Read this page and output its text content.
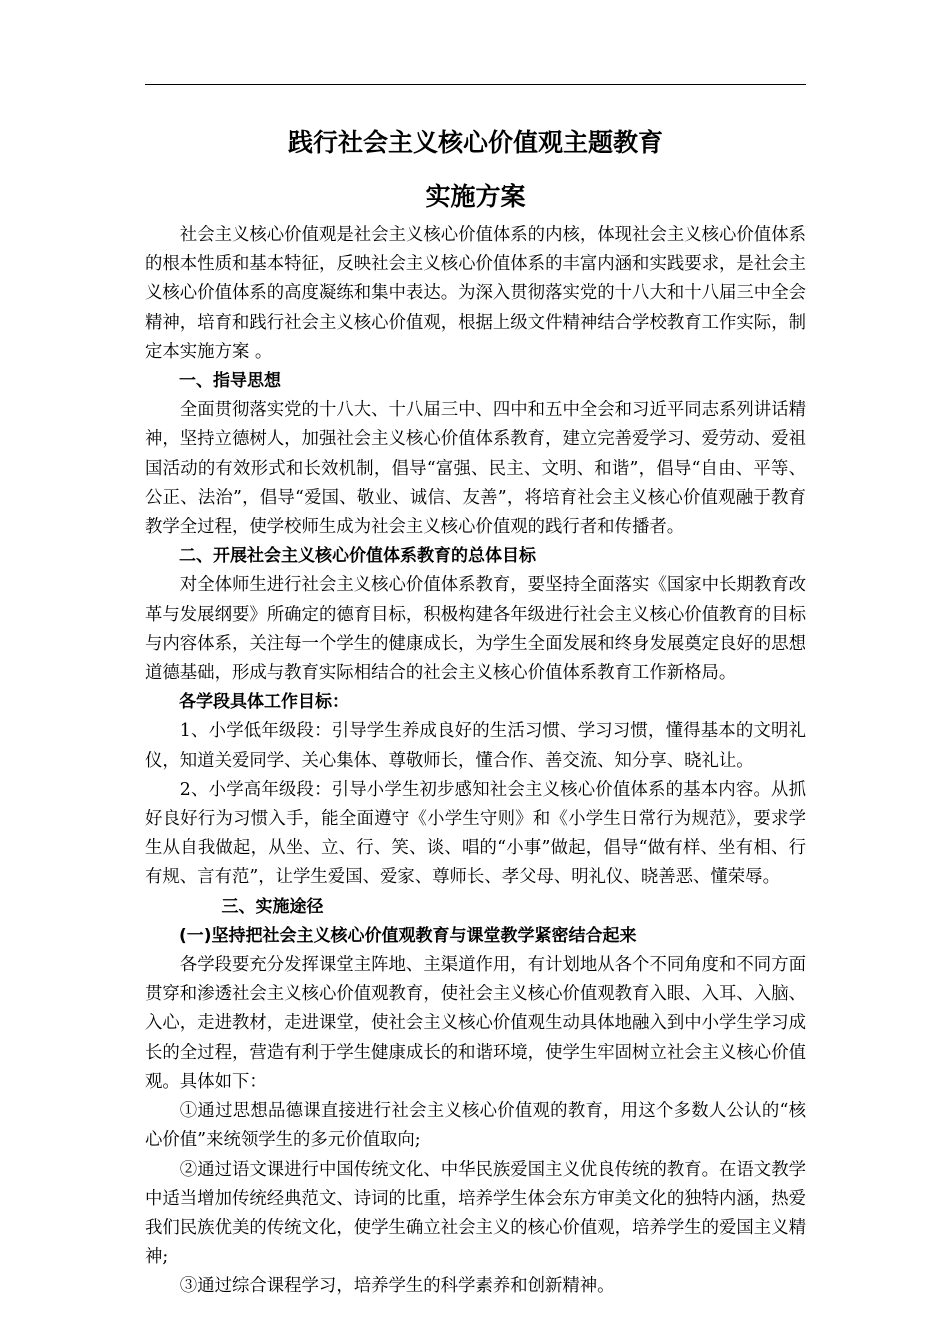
践行社会主义核心价值观主题教育
实施方案

社会主义核心价值观是社会主义核心价值体系的内核，体现社会主义核心价值体系的根本性质和基本特征，反映社会主义核心价值体系的丰富内涵和实践要求，是社会主义核心价值体系的高度凝练和集中表达。为深入贯彻落实党的十八大和十八届三中全会精神，培育和践行社会主义核心价值观，根据上级文件精神结合学校教育工作实际，制定本实施方案 。

一、指导思想

全面贯彻落实党的十八大、十八届三中、四中和五中全会和习近平同志系列讲话精神，坚持立德树人，加强社会主义核心价值体系教育，建立完善爱学习、爱劳动、爱祖国活动的有效形式和长效机制，倡导“富强、民主、文明、和谐”，倡导“自由、平等、公正、法治”，倡导“爱国、敬业、诚信、友善”，将培育社会主义核心价值观融于教育教学全过程，使学校师生成为社会主义核心价值观的践行者和传播者。

二、开展社会主义核心价值体系教育的总体目标

对全体师生进行社会主义核心价值体系教育，要坚持全面落实《国家中长期教育改革与发展纲要》所确定的德育目标，积极构建各年级进行社会主义核心价值教育的目标与内容体系，关注每一个学生的健康成长，为学生全面发展和终身发展奠定良好的思想道德基础，形成与教育实际相结合的社会主义核心价值体系教育工作新格局。

各学段具体工作目标：

1、小学低年级段：引导学生养成良好的生活习惯、学习习惯，懂得基本的文明礼仪，知道关爱同学、关心集体、尊敬师长，懂合作、善交流、知分享、晓礼让。

2、小学高年级段：引导小学生初步感知社会主义核心价值体系的基本内容。从抓好良好行为习惯入手，能全面遵守《小学生守则》和《小学生日常行为规范》，要求学生从自我做起，从坐、立、行、笑、谈、唱的“小事”做起，倡导“做有样、坐有相、行有规、言有范”，让学生爱国、爱家、尊师长、孝父母、明礼仪、晓善恶、懂荣辱。

三、实施途径

(一)坚持把社会主义核心价值观教育与课堂教学紧密结合起来

各学段要充分发挥课堂主阵地、主渠道作用，有计划地从各个不同角度和不同方面贯穿和渗透社会主义核心价值观教育，使社会主义核心价值观教育入眼、入耳、入脑、入心，走进教材，走进课堂，使社会主义核心价值观生动具体地融入到中小学生学习成长的全过程，营造有利于学生健康成长的和谐环境，使学生牢固树立社会主义核心价值观。具体如下：

①通过思想品德课直接进行社会主义核心价值观的教育，用这个多数人公认的“核心价值”来统领学生的多元价值取向;

②通过语文课进行中国传统文化、中华民族爱国主义优良传统的教育。在语文教学中适当增加传统经典范文、诗词的比重，培养学生体会东方审美文化的独特内涵，热爱我们民族优美的传统文化，使学生确立社会主义的核心价值观，培养学生的爱国主义精神;

③通过综合课程学习，培养学生的科学素养和创新精神。
